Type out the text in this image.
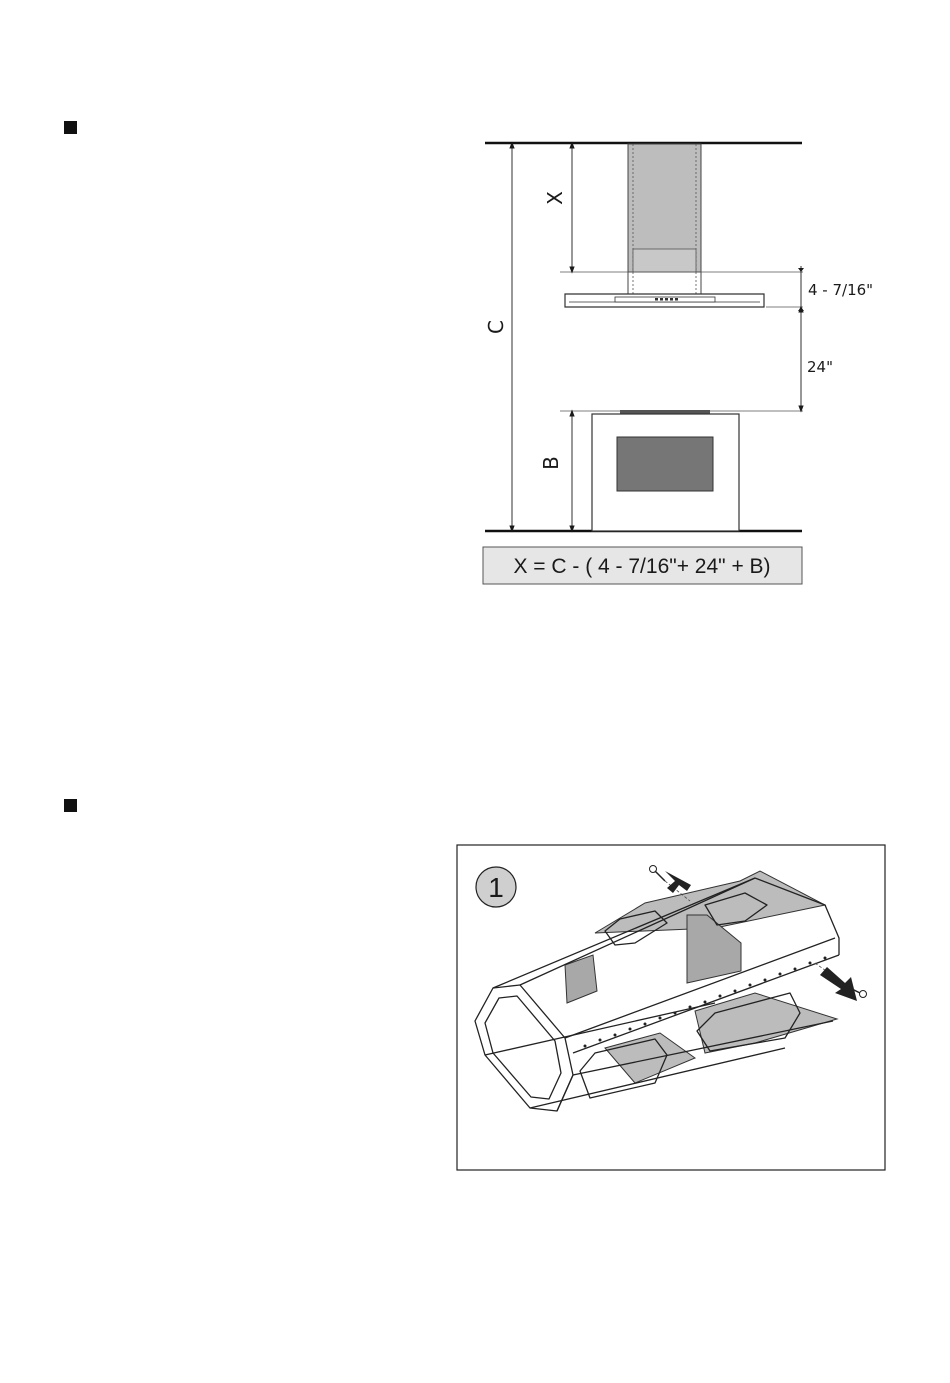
C
X
B
4 - 7/16"
24"
X = C - ( 4 - 7/16"+ 24" + B)
1
